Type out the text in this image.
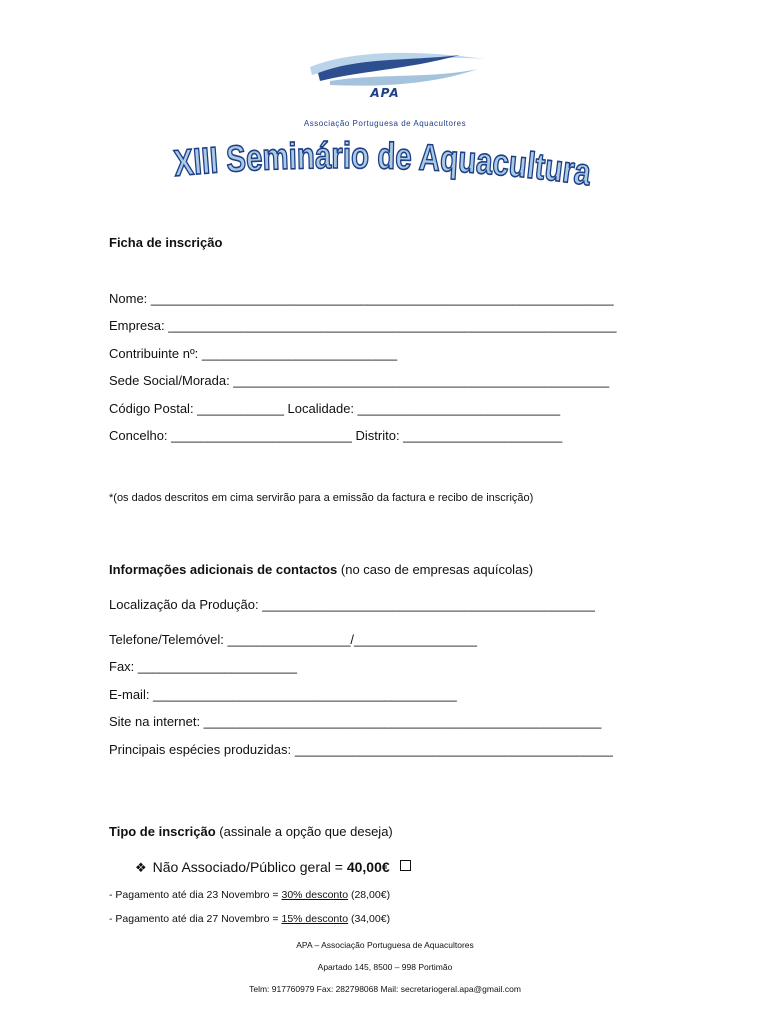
APA
Associação Portuguesa de Aquacultores
XIII Seminário de Aquacultura
Ficha de inscrição
Nome: ________________________________________________________________
Empresa: ______________________________________________________________
Contribuinte nº: ___________________________
Sede Social/Morada: ____________________________________________________
Código Postal: ____________ Localidade: ____________________________
Concelho: _________________________ Distrito: ______________________
*(os dados descritos em cima servirão para a emissão da factura e recibo de inscrição)
Informações adicionais de contactos (no caso de empresas aquícolas)
Localização da Produção: ______________________________________________
Telefone/Telemóvel: _________________/_________________
Fax: ______________________
E-mail: __________________________________________
Site na internet: _______________________________________________________
Principais espécies produzidas: ____________________________________________
Tipo de inscrição (assinale a opção que deseja)
❖ Não Associado/Público geral = 40,00€
- Pagamento até dia 23 Novembro = 30% desconto (28,00€)
- Pagamento até dia 27 Novembro = 15% desconto (34,00€)
APA – Associação Portuguesa de Aquacultores
Apartado 145, 8500 – 998 Portimão
Telm: 917760979 Fax: 282798068 Mail: secretariogeral.apa@gmail.com
